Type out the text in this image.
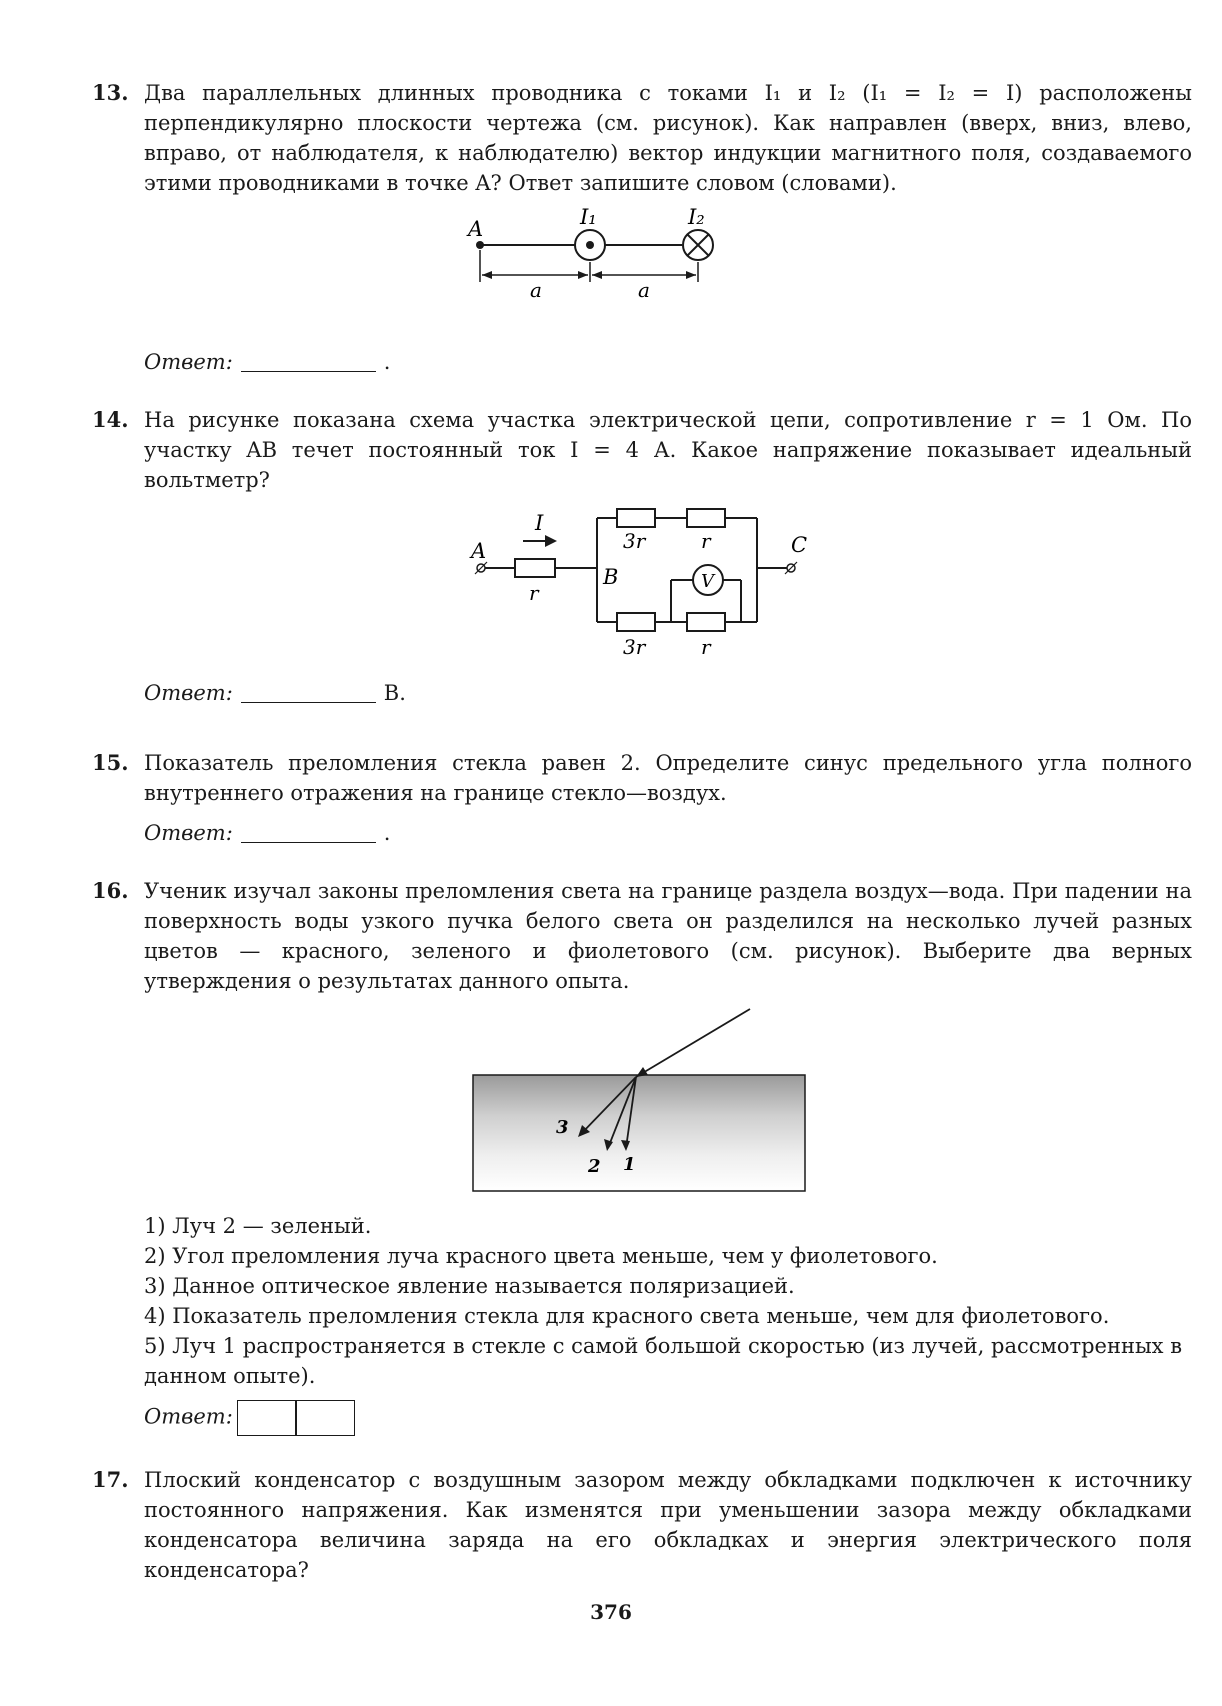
13. Два параллельных длинных проводника с токами I₁ и I₂ (I₁ = I₂ = I) расположены перпендикулярно плоскости чертежа (см. рисунок). Как направлен (вверх, вниз, влево, вправо, от наблюдателя, к наблюдателю) вектор индукции магнитного поля, создаваемого этими проводниками в точке A? Ответ запишите словом (словами).
A	I₁	I₂
a	a
Ответ:	.
14. На рисунке показана схема участка электрической цепи, сопротивление r = 1 Ом. По участку AB течет постоянный ток I = 4 А. Какое напряжение показывает идеальный вольтметр?
V
I
A
B
C
r
3r	r
3r	r
Ответ:	В.
15. Показатель преломления стекла равен 2. Определите синус предельного угла полного внутреннего отражения на границе стекло—воздух.
Ответ:	.
16. Ученик изучал законы преломления света на границе раздела воздух—вода. При падении на поверхность воды узкого пучка белого света он разделился на несколько лучей разных цветов — красного, зеленого и фиолетового (см. рисунок). Выберите два верных утверждения о результатах данного опыта.
3
2 1
1) Луч 2 — зеленый.
2) Угол преломления луча красного цвета меньше, чем у фиолетового.
3) Данное оптическое явление называется поляризацией.
4) Показатель преломления стекла для красного света меньше, чем для фиолетового.
5) Луч 1 распространяется в стекле с самой большой скоростью (из лучей, рассмотренных в данном опыте).
Ответ:
17. Плоский конденсатор с воздушным зазором между обкладками подключен к источнику постоянного напряжения. Как изменятся при уменьшении зазора между обкладками конденсатора величина заряда на его обкладках и энергия электрического поля конденсатора?
376
